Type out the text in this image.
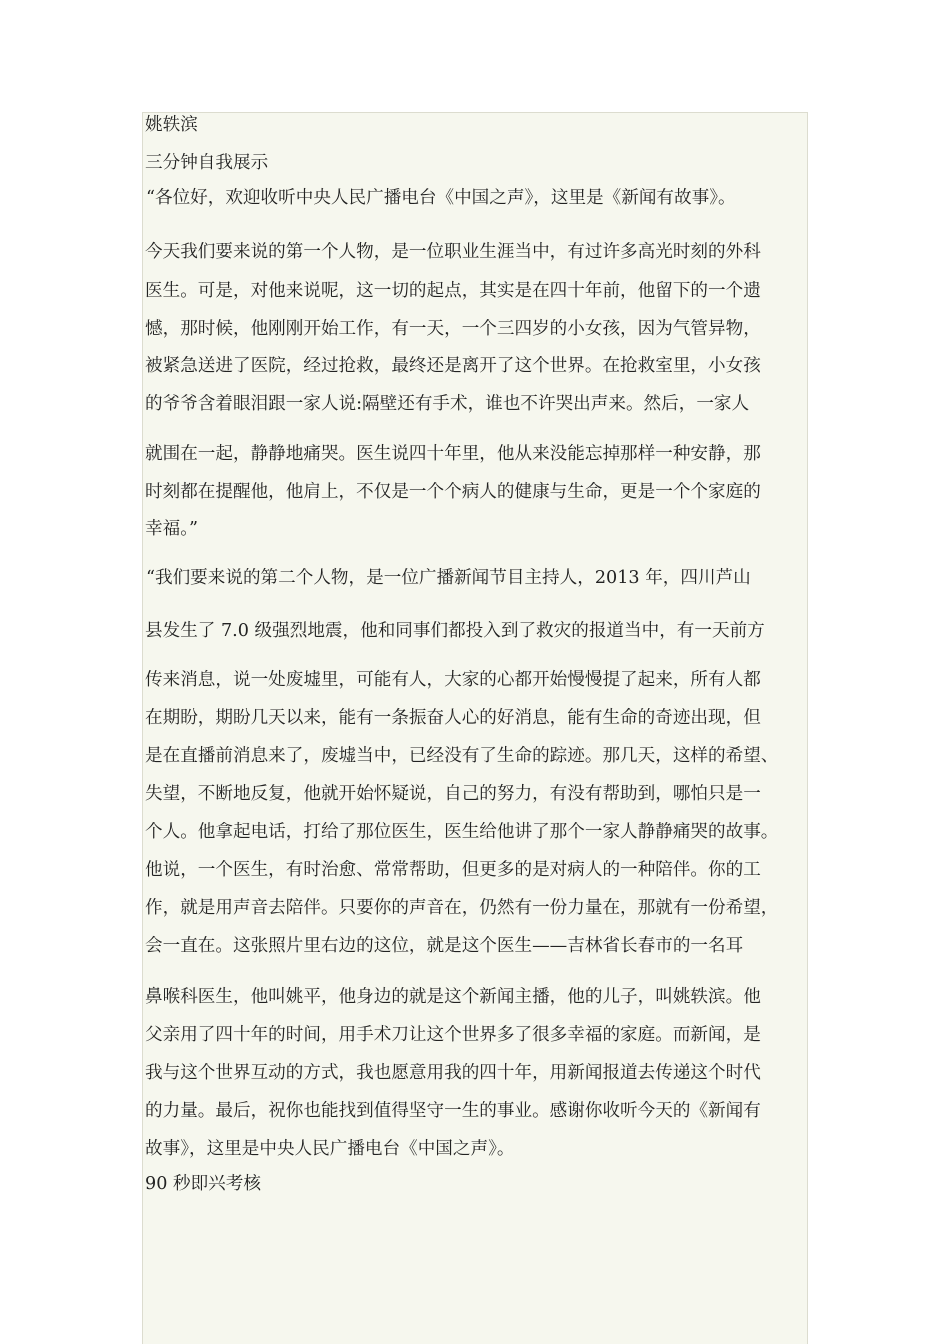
姚轶滨
三分钟自我展示
“各位好，欢迎收听中央人民广播电台《中国之声》，这里是《新闻有故事》。
今天我们要来说的第一个人物，是一位职业生涯当中，有过许多高光时刻的外科
医生。可是，对他来说呢，这一切的起点，其实是在四十年前，他留下的一个遗
憾，那时候，他刚刚开始工作，有一天，一个三四岁的小女孩，因为气管异物，
被紧急送进了医院，经过抢救，最终还是离开了这个世界。在抢救室里，小女孩
的爷爷含着眼泪跟一家人说:隔壁还有手术，谁也不许哭出声来。然后，一家人
就围在一起，静静地痛哭。医生说四十年里，他从来没能忘掉那样一种安静，那
时刻都在提醒他，他肩上，不仅是一个个病人的健康与生命，更是一个个家庭的
幸福。”
“我们要来说的第二个人物，是一位广播新闻节目主持人，2013 年，四川芦山
县发生了 7.0 级强烈地震，他和同事们都投入到了救灾的报道当中，有一天前方
传来消息，说一处废墟里，可能有人，大家的心都开始慢慢提了起来，所有人都
在期盼，期盼几天以来，能有一条振奋人心的好消息，能有生命的奇迹出现，但
是在直播前消息来了，废墟当中，已经没有了生命的踪迹。那几天，这样的希望、
失望，不断地反复，他就开始怀疑说，自己的努力，有没有帮助到，哪怕只是一
个人。他拿起电话，打给了那位医生，医生给他讲了那个一家人静静痛哭的故事。
他说，一个医生，有时治愈、常常帮助，但更多的是对病人的一种陪伴。你的工
作，就是用声音去陪伴。只要你的声音在，仍然有一份力量在，那就有一份希望，
会一直在。这张照片里右边的这位，就是这个医生——吉林省长春市的一名耳
鼻喉科医生，他叫姚平，他身边的就是这个新闻主播，他的儿子，叫姚轶滨。他
父亲用了四十年的时间，用手术刀让这个世界多了很多幸福的家庭。而新闻，是
我与这个世界互动的方式，我也愿意用我的四十年，用新闻报道去传递这个时代
的力量。最后，祝你也能找到值得坚守一生的事业。感谢你收听今天的《新闻有
故事》，这里是中央人民广播电台《中国之声》。
90 秒即兴考核
